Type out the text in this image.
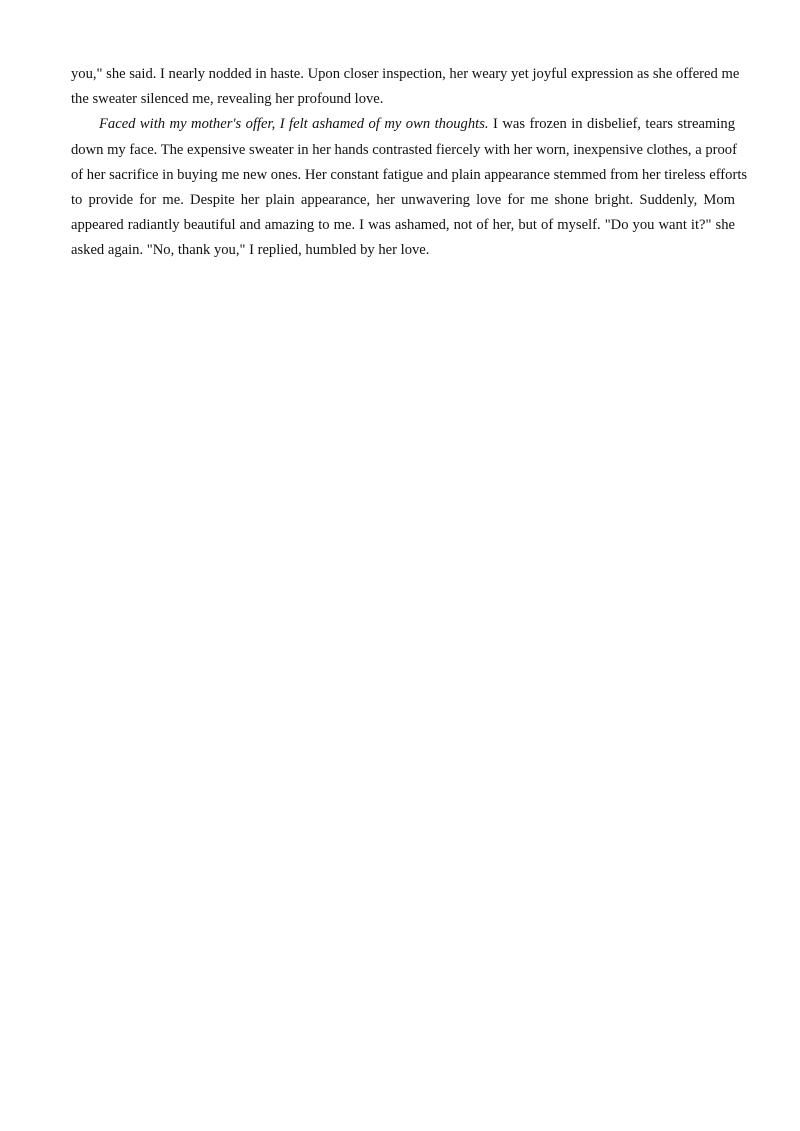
you," she said. I nearly nodded in haste. Upon closer inspection, her weary yet joyful expression as she offered me
the sweater silenced me, revealing her profound love.
Faced with my mother's offer, I felt ashamed of my own thoughts. I was frozen in disbelief, tears streaming
down my face. The expensive sweater in her hands contrasted fiercely with her worn, inexpensive clothes, a proof
of her sacrifice in buying me new ones. Her constant fatigue and plain appearance stemmed from her tireless efforts
to provide for me. Despite her plain appearance, her unwavering love for me shone bright. Suddenly, Mom
appeared radiantly beautiful and amazing to me. I was ashamed, not of her, but of myself. "Do you want it?" she
asked again. "No, thank you," I replied, humbled by her love.
